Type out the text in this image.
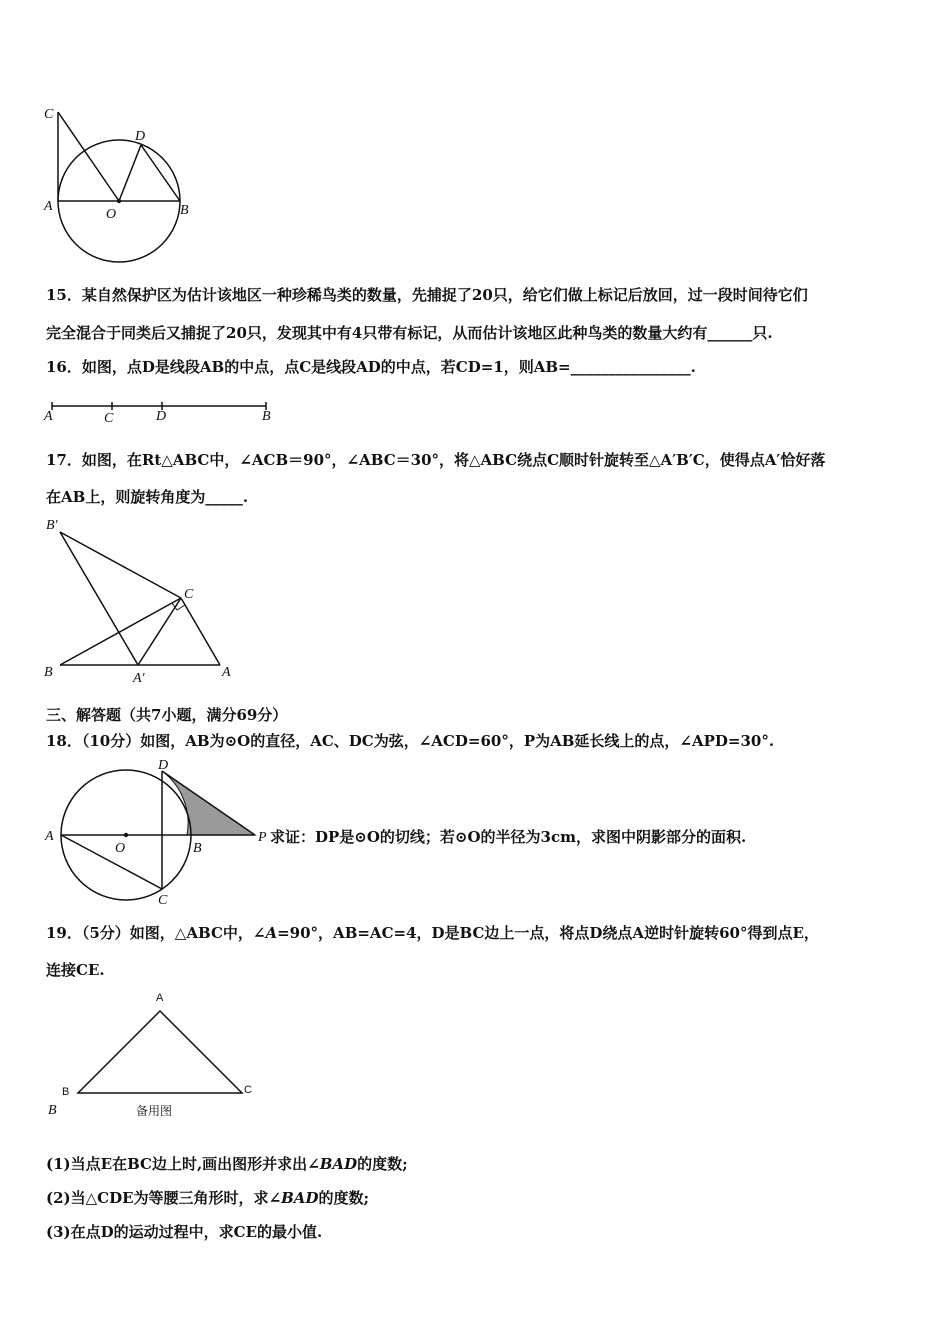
C
D
A
O	B
15．某自然保护区为估计该地区一种珍稀鸟类的数量，先捕捉了20只，给它们做上标记后放回，过一段时间待它们
完全混合于同类后又捕捉了20只，发现其中有4只带有标记，从而估计该地区此种鸟类的数量大约有______只.
16．如图，点D是线段AB的中点，点C是线段AD的中点，若CD=1，则AB=________________.
A	C	D	B
17．如图，在Rt△ABC中，∠ACB＝90°，∠ABC＝30°，将△ABC绕点C顺时针旋转至△A′B′C，使得点A′恰好落
在AB上，则旋转角度为_____.
B′
C
B	A′	A
三、解答题（共7小题，满分69分）
18．（10分）如图，AB为⊙O的直径，AC、DC为弦，∠ACD=60°，P为AB延长线上的点，∠APD=30°.
D
A
O	B
P
C
求证：DP是⊙O的切线；若⊙O的半径为3cm，求图中阴影部分的面积.
19．（5分）如图，△ABC中，∠A=90°，AB=AC=4，D是BC边上一点，将点D绕点A逆时针旋转60°得到点E，
连接CE.
A
B	C
B	备用图
(1)当点E在BC边上时,画出图形并求出∠BAD的度数;
(2)当△CDE为等腰三角形时，求∠BAD的度数;
(3)在点D的运动过程中，求CE的最小值.
